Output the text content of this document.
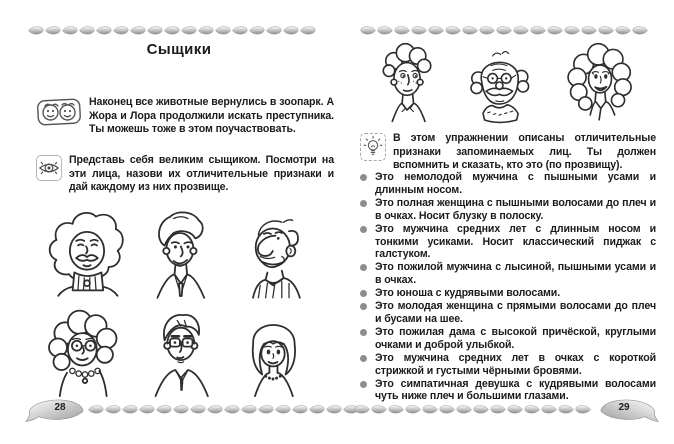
Сыщики

Наконец все животные вернулись в зоопарк. А Жора и Лора продолжили искать преступника. Ты можешь тоже в этом поучаствовать.

Представь себя великим сыщиком. Посмотри на эти лица, назови их отличительные признаки и дай каждому из них прозвище.

28

В этом упражнении описаны отличительные признаки запоминаемых лиц. Ты должен вспомнить и сказать, кто это (по прозвищу).

Это немолодой мужчина с пышными усами и длинным носом.
Это полная женщина с пышными волосами до плеч и в очках. Носит блузку в полоску.
Это мужчина средних лет с длинным носом и тонкими усиками. Носит классический пиджак с галстуком.
Это пожилой мужчина с лысиной, пышными усами и в очках.
Это юноша с кудрявыми волосами.
Это молодая женщина с прямыми волосами до плеч и бусами на шее.
Это пожилая дама с высокой причёской, круглыми очками и доброй улыбкой.
Это мужчина средних лет в очках с короткой стрижкой и густыми чёрными бровями.
Это симпатичная девушка с кудрявыми волосами чуть ниже плеч и большими глазами.
29
